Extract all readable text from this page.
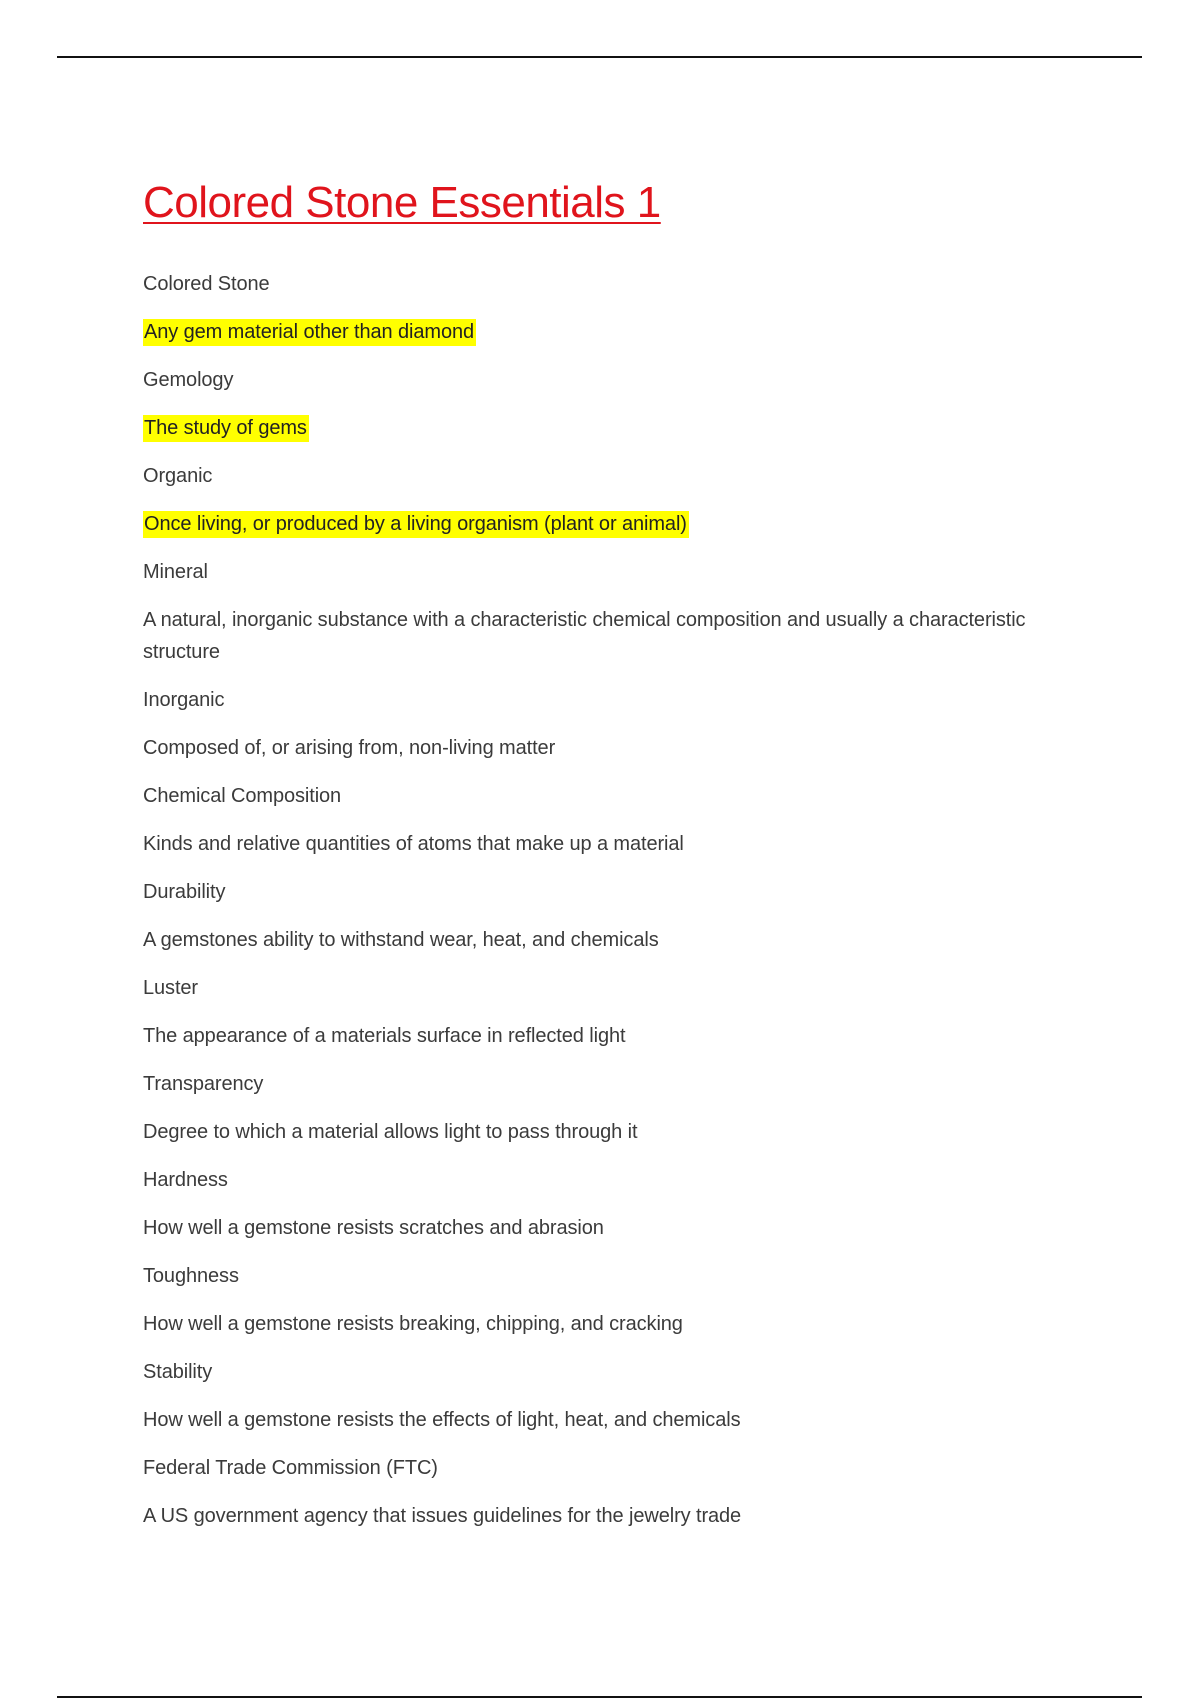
Colored Stone Essentials 1
Colored Stone
Any gem material other than diamond
Gemology
The study of gems
Organic
Once living, or produced by a living organism (plant or animal)
Mineral
A natural, inorganic substance with a characteristic chemical composition and usually a characteristic structure
Inorganic
Composed of, or arising from, non-living matter
Chemical Composition
Kinds and relative quantities of atoms that make up a material
Durability
A gemstones ability to withstand wear, heat, and chemicals
Luster
The appearance of a materials surface in reflected light
Transparency
Degree to which a material allows light to pass through it
Hardness
How well a gemstone resists scratches and abrasion
Toughness
How well a gemstone resists breaking, chipping, and cracking
Stability
How well a gemstone resists the effects of light, heat, and chemicals
Federal Trade Commission (FTC)
A US government agency that issues guidelines for the jewelry trade
